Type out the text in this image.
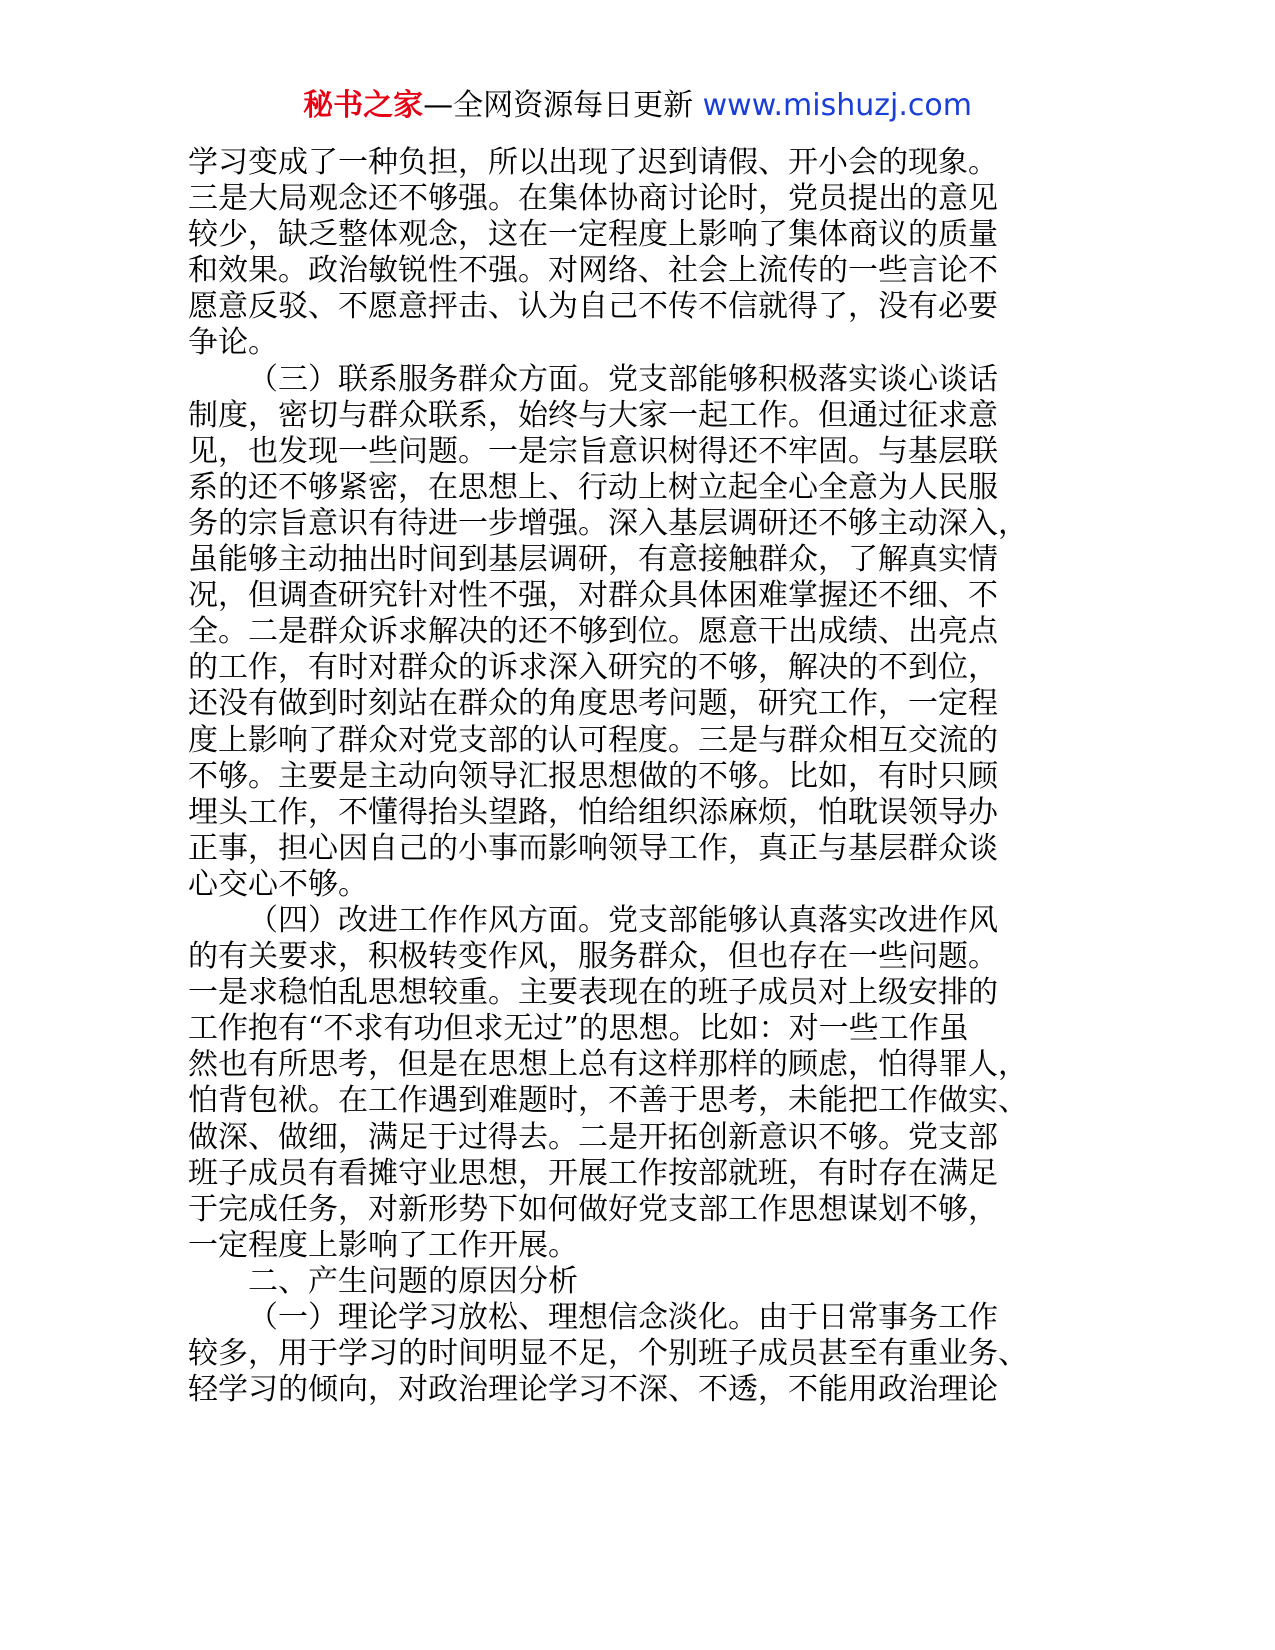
秘书之家—全网资源每日更新 www.mishuzj.com
学习变成了一种负担，所以出现了迟到请假、开小会的现象。
三是大局观念还不够强。在集体协商讨论时，党员提出的意见
较少，缺乏整体观念，这在一定程度上影响了集体商议的质量
和效果。政治敏锐性不强。对网络、社会上流传的一些言论不
愿意反驳、不愿意抨击、认为自己不传不信就得了，没有必要
争论。
（三）联系服务群众方面。党支部能够积极落实谈心谈话
制度，密切与群众联系，始终与大家一起工作。但通过征求意
见，也发现一些问题。一是宗旨意识树得还不牢固。与基层联
系的还不够紧密，在思想上、行动上树立起全心全意为人民服
务的宗旨意识有待进一步增强。深入基层调研还不够主动深入，
虽能够主动抽出时间到基层调研，有意接触群众，了解真实情
况，但调查研究针对性不强，对群众具体困难掌握还不细、不
全。二是群众诉求解决的还不够到位。愿意干出成绩、出亮点
的工作，有时对群众的诉求深入研究的不够，解决的不到位，
还没有做到时刻站在群众的角度思考问题，研究工作，一定程
度上影响了群众对党支部的认可程度。三是与群众相互交流的
不够。主要是主动向领导汇报思想做的不够。比如，有时只顾
埋头工作，不懂得抬头望路，怕给组织添麻烦，怕耽误领导办
正事，担心因自己的小事而影响领导工作，真正与基层群众谈
心交心不够。
（四）改进工作作风方面。党支部能够认真落实改进作风
的有关要求，积极转变作风，服务群众，但也存在一些问题。
一是求稳怕乱思想较重。主要表现在的班子成员对上级安排的
工作抱有“不求有功但求无过”的思想。比如：对一些工作虽
然也有所思考，但是在思想上总有这样那样的顾虑，怕得罪人，
怕背包袱。在工作遇到难题时，不善于思考，未能把工作做实、
做深、做细，满足于过得去。二是开拓创新意识不够。党支部
班子成员有看摊守业思想，开展工作按部就班，有时存在满足
于完成任务，对新形势下如何做好党支部工作思想谋划不够，
一定程度上影响了工作开展。
二、产生问题的原因分析
（一）理论学习放松、理想信念淡化。由于日常事务工作
较多，用于学习的时间明显不足，个别班子成员甚至有重业务、
轻学习的倾向，对政治理论学习不深、不透，不能用政治理论
